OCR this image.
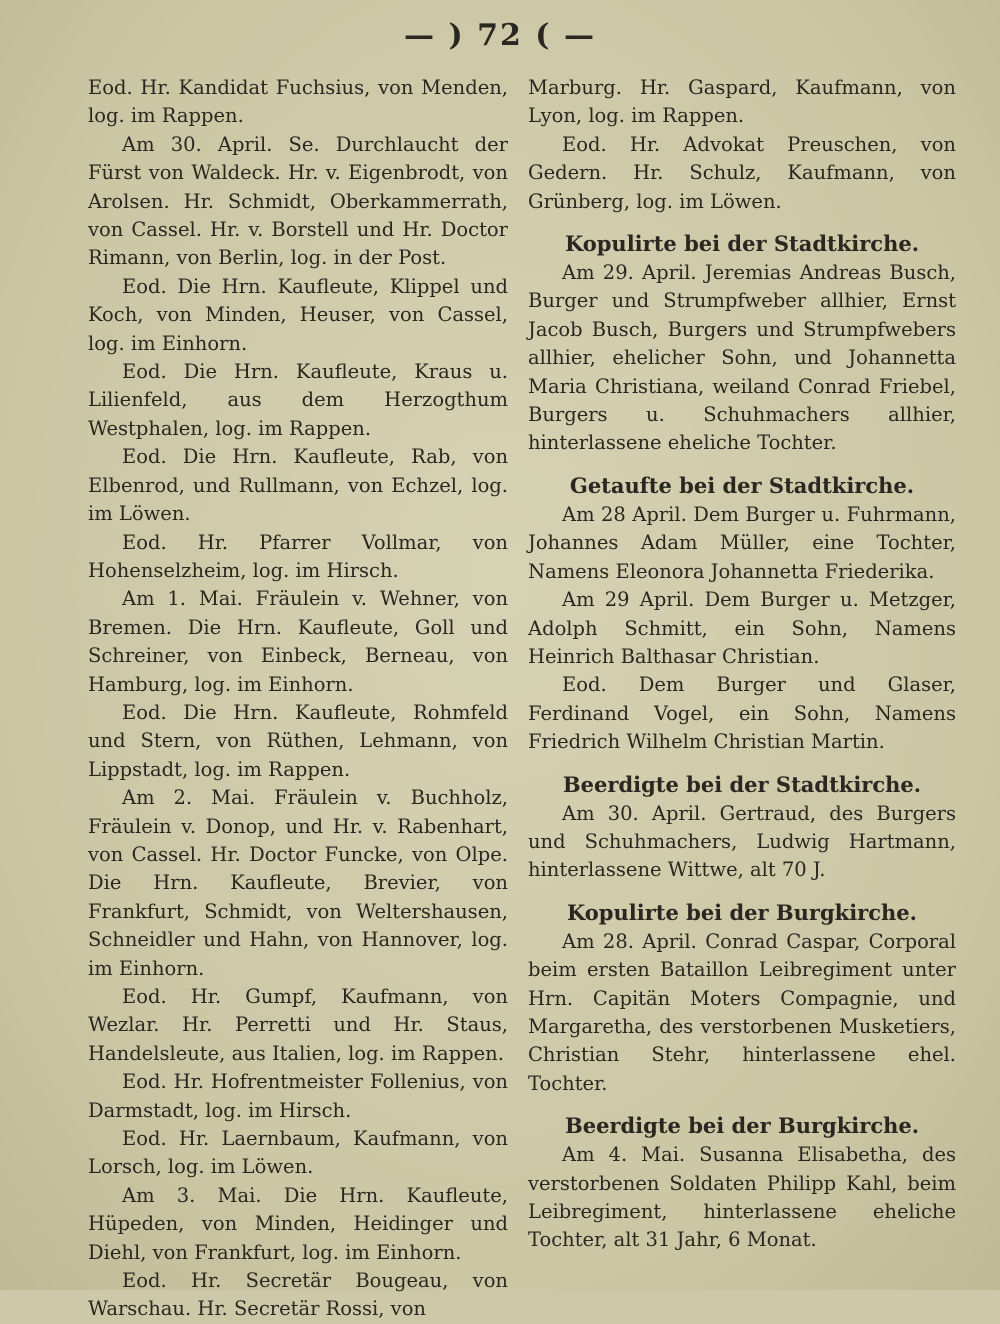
— ) 72 ( —

Eod. Hr. Kandidat Fuchsius, von Menden, log. im Rappen.

Am 30. April. Se. Durchlaucht der Fürst von Waldeck. Hr. v. Eigenbrodt, von Arolsen. Hr. Schmidt, Oberkammerrath, von Cassel. Hr. v. Borstell und Hr. Doctor Rimann, von Berlin, log. in der Post.

Eod. Die Hrn. Kaufleute, Klippel und Koch, von Minden, Heuser, von Cassel, log. im Einhorn.

Eod. Die Hrn. Kaufleute, Kraus u. Lilienfeld, aus dem Herzogthum Westphalen, log. im Rappen.

Eod. Die Hrn. Kaufleute, Rab, von Elbenrod, und Rullmann, von Echzel, log. im Löwen.

Eod. Hr. Pfarrer Vollmar, von Hohenselzheim, log. im Hirsch.

Am 1. Mai. Fräulein v. Wehner, von Bremen. Die Hrn. Kaufleute, Goll und Schreiner, von Einbeck, Berneau, von Hamburg, log. im Einhorn.

Eod. Die Hrn. Kaufleute, Rohmfeld und Stern, von Rüthen, Lehmann, von Lippstadt, log. im Rappen.

Am 2. Mai. Fräulein v. Buchholz, Fräulein v. Donop, und Hr. v. Rabenhart, von Cassel. Hr. Doctor Funcke, von Olpe. Die Hrn. Kaufleute, Brevier, von Frankfurt, Schmidt, von Weltershausen, Schneidler und Hahn, von Hannover, log. im Einhorn.

Eod. Hr. Gumpf, Kaufmann, von Wezlar. Hr. Perretti und Hr. Staus, Handelsleute, aus Italien, log. im Rappen.

Eod. Hr. Hofrentmeister Follenius, von Darmstadt, log. im Hirsch.

Eod. Hr. Laernbaum, Kaufmann, von Lorsch, log. im Löwen.

Am 3. Mai. Die Hrn. Kaufleute, Hüpeden, von Minden, Heidinger und Diehl, von Frankfurt, log. im Einhorn.

Eod. Hr. Secretär Bougeau, von Warschau. Hr. Secretär Rossi, von

Marburg. Hr. Gaspard, Kaufmann, von Lyon, log. im Rappen.

Eod. Hr. Advokat Preuschen, von Gedern. Hr. Schulz, Kaufmann, von Grünberg, log. im Löwen.

Kopulirte bei der Stadtkirche.

Am 29. April. Jeremias Andreas Busch, Burger und Strumpfweber allhier, Ernst Jacob Busch, Burgers und Strumpfwebers allhier, ehelicher Sohn, und Johannetta Maria Christiana, weiland Conrad Friebel, Burgers u. Schuhmachers allhier, hinterlassene eheliche Tochter.

Getaufte bei der Stadtkirche.

Am 28 April. Dem Burger u. Fuhrmann, Johannes Adam Müller, eine Tochter, Namens Eleonora Johannetta Friederika.

Am 29 April. Dem Burger u. Metzger, Adolph Schmitt, ein Sohn, Namens Heinrich Balthasar Christian.

Eod. Dem Burger und Glaser, Ferdinand Vogel, ein Sohn, Namens Friedrich Wilhelm Christian Martin.

Beerdigte bei der Stadtkirche.

Am 30. April. Gertraud, des Burgers und Schuhmachers, Ludwig Hartmann, hinterlassene Wittwe, alt 70 J.

Kopulirte bei der Burgkirche.

Am 28. April. Conrad Caspar, Corporal beim ersten Bataillon Leibregiment unter Hrn. Capitän Moters Compagnie, und Margaretha, des verstorbenen Musketiers, Christian Stehr, hinterlassene ehel. Tochter.

Beerdigte bei der Burgkirche.

Am 4. Mai. Susanna Elisabetha, des verstorbenen Soldaten Philipp Kahl, beim Leibregiment, hinterlassene eheliche Tochter, alt 31 Jahr, 6 Monat.
